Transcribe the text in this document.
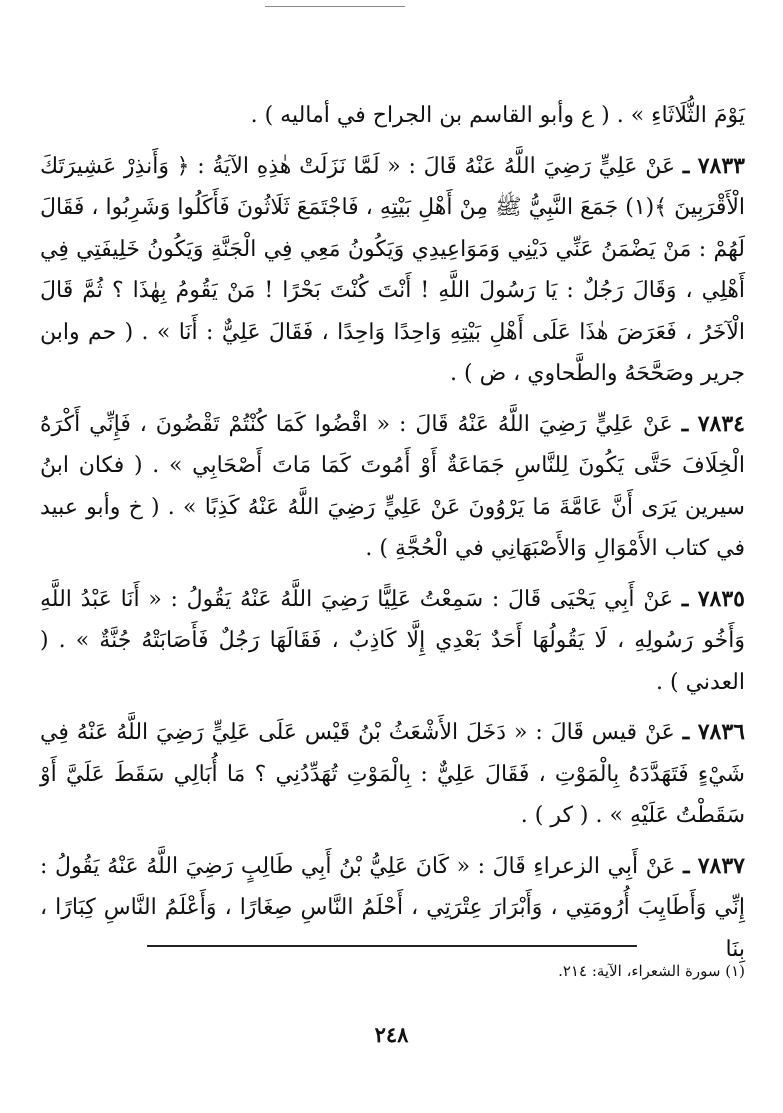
يَوْمَ الثُّلَاثَاءِ » . ( ع وأبو القاسم بن الجراح في أماليه ) .

٧٨٣٣ ـ عَنْ عَلِيٍّ رَضِيَ اللَّهُ عَنْهُ قَالَ : « لَمَّا نَزَلَتْ هٰذِهِ الآيَةُ : ﴿ وَأَنذِرْ عَشِيرَتَكَ الْأَقْرَبِينَ ﴾(١) جَمَعَ النَّبِيُّ ﷺ مِنْ أَهْلِ بَيْتِهِ ، فَاجْتَمَعَ ثَلَاثُونَ فَأَكَلُوا وَشَرِبُوا ، فَقَالَ لَهُمْ : مَنْ يَضْمَنُ عَنِّي دَيْنِي وَمَوَاعِيدِي وَيَكُونُ مَعِي فِي الْجَنَّةِ وَيَكُونُ خَلِيفَتِي فِي أَهْلِي ، وَقَالَ رَجُلٌ : يَا رَسُولَ اللَّهِ ! أَنْتَ كُنْتَ بَحْرًا ! مَنْ يَقُومُ بِهٰذَا ؟ ثُمَّ قَالَ الْآخَرُ ، فَعَرَضَ هٰذَا عَلَى أَهْلِ بَيْتِهِ وَاحِدًا وَاحِدًا ، فَقَالَ عَلِيٌّ : أَنَا » . ( حم وابن جرير وصَحَّحَهُ والطَّحاوي ، ض ) .

٧٨٣٤ ـ عَنْ عَلِيٍّ رَضِيَ اللَّهُ عَنْهُ قَالَ : « اقْضُوا كَمَا كُنْتُمْ تَقْضُونَ ، فَإِنِّي أَكْرَهُ الْخِلَافَ حَتَّى يَكُونَ لِلنَّاسِ جَمَاعَةٌ أَوْ أَمُوتَ كَمَا مَاتَ أَصْحَابِي » . ( فكان ابنُ سيرين يَرَى أَنَّ عَامَّةَ مَا يَرْوُونَ عَنْ عَلِيٍّ رَضِيَ اللَّهُ عَنْهُ كَذِبًا » . ( خ وأبو عبيد في كتاب الأَمْوَالِ وَالأَصْبَهَانِي في الْحُجَّةِ ) .

٧٨٣٥ ـ عَنْ أَبِي يَحْيَى قَالَ : سَمِعْتُ عَلِيًّا رَضِيَ اللَّهُ عَنْهُ يَقُولُ : « أَنَا عَبْدُ اللَّهِ وَأَخُو رَسُولِهِ ، لَا يَقُولُهَا أَحَدٌ بَعْدِي إِلَّا كَاذِبٌ ، فَقَالَهَا رَجُلٌ فَأَصَابَتْهُ جُنَّةٌ » . ( العدني ) .

٧٨٣٦ ـ عَنْ قيس قَالَ : « دَخَلَ الأَشْعَثُ بْنُ قَيْس عَلَى عَلِيٍّ رَضِيَ اللَّهُ عَنْهُ فِي شَيْءٍ فَتَهَدَّدَهُ بِالْمَوْتِ ، فَقَالَ عَلِيٌّ : بِالْمَوْتِ تُهَدِّدُنِي ؟ مَا أُبَالِي سَقَطَ عَلَيَّ أَوْ سَقَطْتُ عَلَيْهِ » . ( كر ) .

٧٨٣٧ ـ عَنْ أَبِي الزعراءِ قَالَ : « كَانَ عَلِيُّ بْنُ أَبِي طَالِبٍ رَضِيَ اللَّهُ عَنْهُ يَقُولُ : إِنِّي وَأَطَايِبَ أُرُومَتِي ، وَأَبْرَارَ عِتْرَتِي ، أَحْلَمُ النَّاسِ صِغَارًا ، وَأَعْلَمُ النَّاسِ كِبَارًا ، بِنَا

(١) سورة الشعراء، الآية: ٢١٤.
٢٤٨
